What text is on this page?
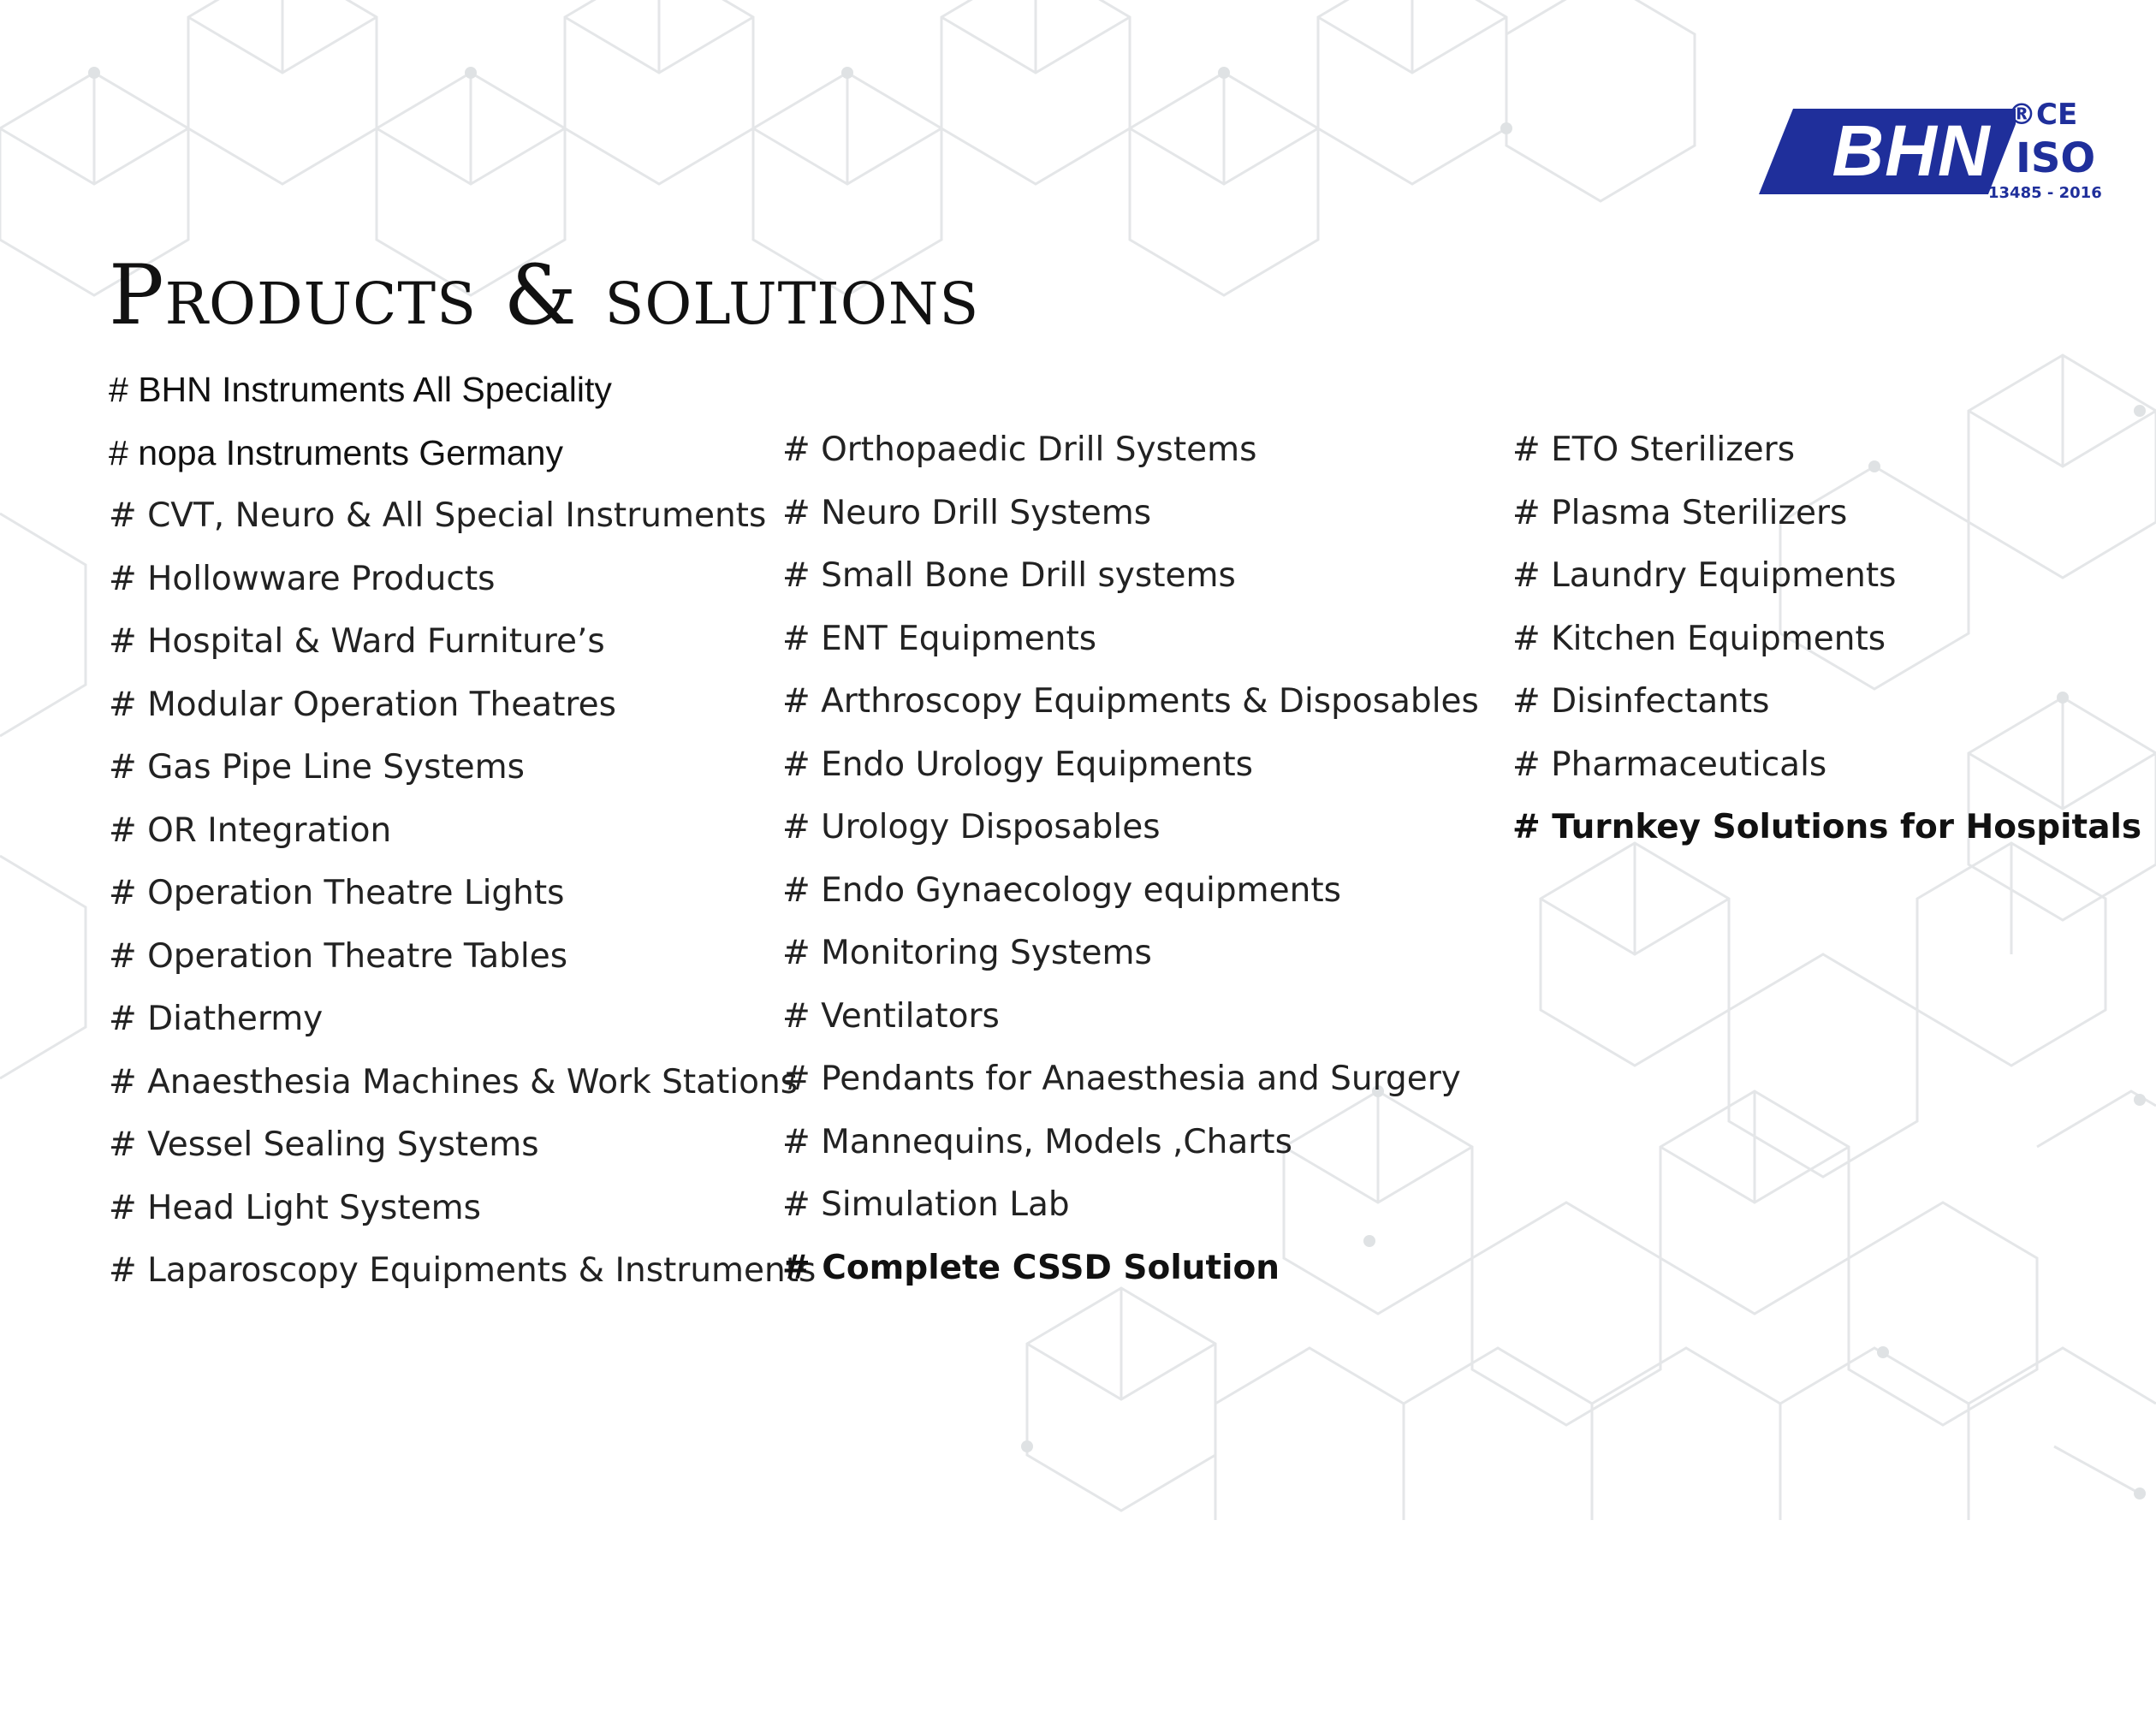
BHN ®CE
ISO
13485 - 2016
Products & solutions
# BHN Instruments All Speciality
# nopa Instruments Germany
# CVT, Neuro & All Special Instruments
# Hollowware Products
# Hospital & Ward Furniture’s
# Modular Operation Theatres
# Gas Pipe Line Systems
# OR Integration
# Operation Theatre Lights
# Operation Theatre Tables
# Diathermy
# Anaesthesia Machines & Work Stations
# Vessel Sealing Systems
# Head Light Systems
# Laparoscopy Equipments & Instruments
# Orthopaedic Drill Systems
# Neuro Drill Systems
# Small Bone Drill systems
# ENT Equipments
# Arthroscopy Equipments & Disposables
# Endo Urology Equipments
# Urology Disposables
# Endo Gynaecology equipments
# Monitoring Systems
# Ventilators
# Pendants for Anaesthesia and Surgery
# Mannequins, Models ,Charts
# Simulation Lab
# Complete CSSD Solution
# ETO Sterilizers
# Plasma Sterilizers
# Laundry Equipments
# Kitchen Equipments
# Disinfectants
# Pharmaceuticals
# Turnkey Solutions for Hospitals
